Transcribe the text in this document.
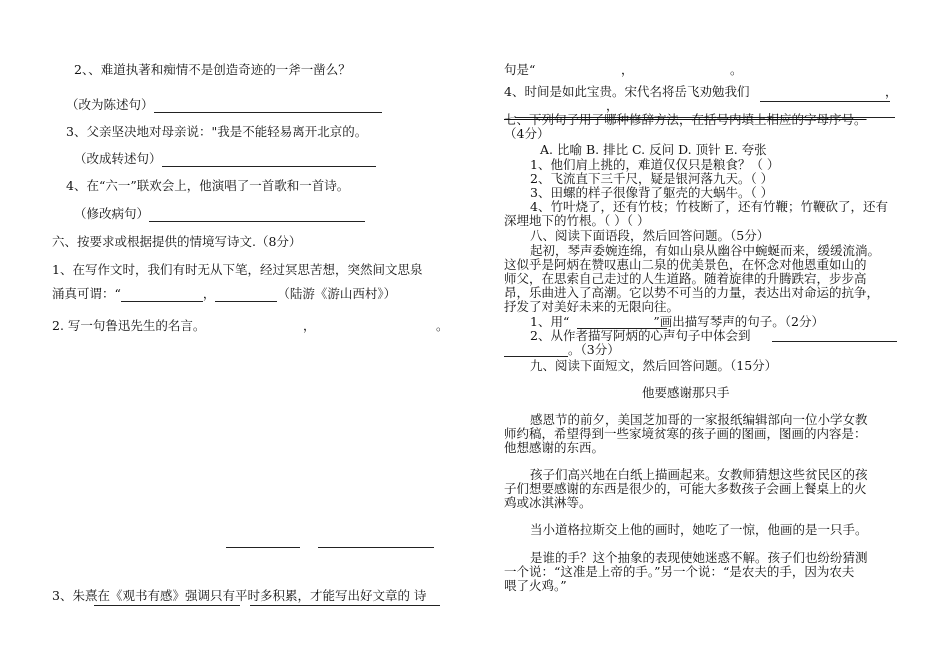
2、、难道执著和痴情不是创造奇迹的一斧一凿么？
（改为陈述句）
3、父亲坚决地对母亲说："我是不能轻易离开北京的。
（改成转述句）
4、在“六一”联欢会上，他演唱了一首歌和一首诗。
（修改病句）
六、按要求或根据提供的情境写诗文.（8分）
1、在写作文时，我们有时无从下笔，经过冥思苦想，突然间文思泉
涌真可谓：“	，	（陆游《游山西村》）
2. 写一句鲁迅先生的名言。	，	。
3、朱熹在《观书有感》强调只有平时多积累，才能写出好文章的 诗
句是“	，	。
4、时间是如此宝贵。宋代名将岳飞劝勉我们	，
，
七、下列句子用了哪种修辞方法，在括号内填上相应的字母序号。
（4分）
A. 比喻 B. 排比 C. 反问 D. 顶针 E. 夸张
1、他们肩上挑的，难道仅仅只是粮食？（ ）
2、飞流直下三千尺，疑是银河落九天。（ ）
3、田螺的样子很像背了躯壳的大蜗牛。（ ）
4、竹叶烧了，还有竹枝；竹枝断了，还有竹鞭；竹鞭砍了，还有
深埋地下的竹根。（ ）（ ）
八、阅读下面语段，然后回答问题。（5分）
起初，琴声委婉连绵，有如山泉从幽谷中蜿蜒而来，缓缓流淌。
这似乎是阿炳在赞叹惠山二泉的优美景色，在怀念对他恩重如山的
师父，在思索自己走过的人生道路。随着旋律的升腾跌宕，步步高
昂，乐曲进入了高潮。它以势不可当的力量，表达出对命运的抗争，
抒发了对美好未来的无限向往。
1、用“	”画出描写琴声的句子。（2分）
2、从作者描写阿炳的心声句子中体会到
。（3分）
九、阅读下面短文，然后回答问题。（15分）
他要感谢那只手
感恩节的前夕，美国芝加哥的一家报纸编辑部向一位小学女教
师约稿，希望得到一些家境贫寒的孩子画的图画，图画的内容是：
他想感谢的东西。
孩子们高兴地在白纸上描画起来。女教师猜想这些贫民区的孩
子们想要感谢的东西是很少的，可能大多数孩子会画上餐桌上的火
鸡或冰淇淋等。
当小道格拉斯交上他的画时，她吃了一惊，他画的是一只手。
是谁的手？这个抽象的表现使她迷惑不解。孩子们也纷纷猜测
一个说：“这准是上帝的手。”另一个说：“是农夫的手，因为农夫
喂了火鸡。”
